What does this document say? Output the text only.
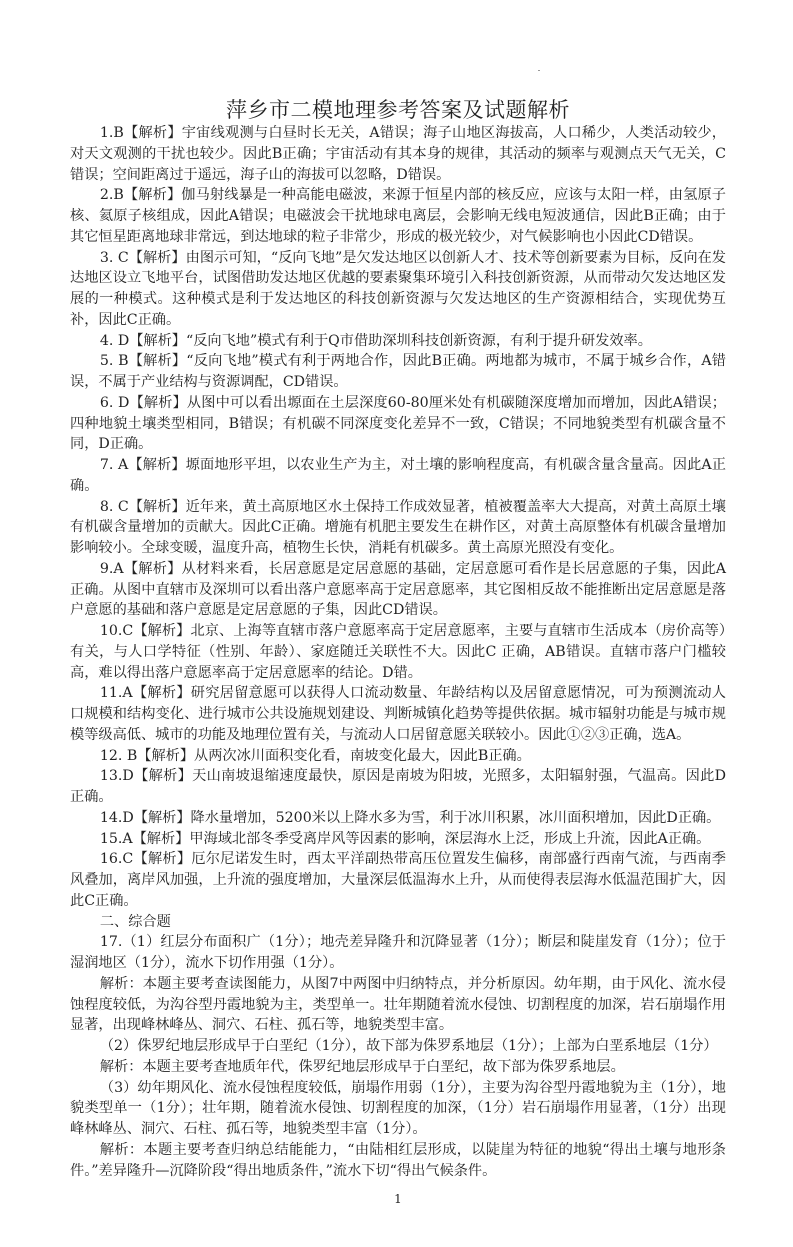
萍乡市二模地理参考答案及试题解析

1.B【解析】宇宙线观测与白昼时长无关，A错误；海子山地区海拔高，人口稀少，人类活动较少，对天文观测的干扰也较少。因此B正确；宇宙活动有其本身的规律，其活动的频率与观测点天气无关，C错误；空间距离过于遥远，海子山的海拔可以忽略，D错误。

2.B【解析】伽马射线暴是一种高能电磁波，来源于恒星内部的核反应，应该与太阳一样，由氢原子核、氦原子核组成，因此A错误；电磁波会干扰地球电离层，会影响无线电短波通信，因此B正确；由于其它恒星距离地球非常远，到达地球的粒子非常少，形成的极光较少，对气候影响也小因此CD错误。

3. C【解析】由图示可知，“反向飞地”是欠发达地区以创新人才、技术等创新要素为目标，反向在发达地区设立飞地平台，试图借助发达地区优越的要素聚集环境引入科技创新资源，从而带动欠发达地区发展的一种模式。这种模式是利于发达地区的科技创新资源与欠发达地区的生产资源相结合，实现优势互补，因此C正确。

4. D【解析】“反向飞地”模式有利于Q市借助深圳科技创新资源，有利于提升研发效率。

5. B【解析】“反向飞地”模式有利于两地合作，因此B正确。两地都为城市，不属于城乡合作，A错误，不属于产业结构与资源调配，CD错误。

6. D【解析】从图中可以看出塬面在土层深度60-80厘米处有机碳随深度增加而增加，因此A错误；四种地貌土壤类型相同，B错误；有机碳不同深度变化差异不一致，C错误；不同地貌类型有机碳含量不同，D正确。

7. A【解析】塬面地形平坦，以农业生产为主，对土壤的影响程度高，有机碳含量含量高。因此A正确。

8. C【解析】近年来，黄土高原地区水土保持工作成效显著，植被覆盖率大大提高，对黄土高原土壤有机碳含量增加的贡献大。因此C正确。增施有机肥主要发生在耕作区，对黄土高原整体有机碳含量增加影响较小。全球变暖，温度升高，植物生长快，消耗有机碳多。黄土高原光照没有变化。

9.A【解析】从材料来看，长居意愿是定居意愿的基础，定居意愿可看作是长居意愿的子集，因此A正确。从图中直辖市及深圳可以看出落户意愿率高于定居意愿率，其它图相反故不能推断出定居意愿是落户意愿的基础和落户意愿是定居意愿的子集，因此CD错误。

10.C【解析】北京、上海等直辖市落户意愿率高于定居意愿率，主要与直辖市生活成本（房价高等）有关，与人口学特征（性别、年龄）、家庭随迁关联性不大。因此C 正确，AB错误。直辖市落户门槛较高，难以得出落户意愿率高于定居意愿率的结论。D错。

11.A【解析】研究居留意愿可以获得人口流动数量、年龄结构以及居留意愿情况，可为预测流动人口规模和结构变化、进行城市公共设施规划建设、判断城镇化趋势等提供依据。城市辐射功能是与城市规模等级高低、城市的功能及地理位置有关，与流动人口居留意愿关联较小。因此①②③正确，选A。

12. B【解析】从两次冰川面积变化看，南坡变化最大，因此B正确。

13.D【解析】天山南坡退缩速度最快，原因是南坡为阳坡，光照多，太阳辐射强，气温高。因此D正确。

14.D【解析】降水量增加，5200米以上降水多为雪，利于冰川积累，冰川面积增加，因此D正确。

15.A【解析】甲海域北部冬季受离岸风等因素的影响，深层海水上泛，形成上升流，因此A正确。

16.C【解析】厄尔尼诺发生时，西太平洋副热带高压位置发生偏移，南部盛行西南气流，与西南季风叠加，离岸风加强，上升流的强度增加，大量深层低温海水上升，从而使得表层海水低温范围扩大，因此C正确。

二、综合题

17.（1）红层分布面积广（1分）；地壳差异隆升和沉降显著（1分）；断层和陡崖发育（1分）；位于湿润地区（1分），流水下切作用强（1分）。

解析：本题主要考查读图能力，从图7中两图中归纳特点，并分析原因。幼年期，由于风化、流水侵蚀程度较低，为沟谷型丹霞地貌为主，类型单一。壮年期随着流水侵蚀、切割程度的加深，岩石崩塌作用显著，出现峰林峰丛、洞穴、石柱、孤石等，地貌类型丰富。

（2）侏罗纪地层形成早于白垩纪（1分），故下部为侏罗系地层（1分）；上部为白垩系地层（1分）

解析：本题主要考查地质年代，侏罗纪地层形成早于白垩纪，故下部为侏罗系地层。

（3）幼年期风化、流水侵蚀程度较低，崩塌作用弱（1分），主要为沟谷型丹霞地貌为主（1分），地貌类型单一（1分）；壮年期，随着流水侵蚀、切割程度的加深，（1分）岩石崩塌作用显著，（1分）出现峰林峰丛、洞穴、石柱、孤石等，地貌类型丰富（1分）。

解析：本题主要考查归纳总结能能力，“由陆相红层形成，以陡崖为特征的地貌“得出土壤与地形条件。”差异隆升—沉降阶段“得出地质条件，”流水下切“得出气候条件。

1
